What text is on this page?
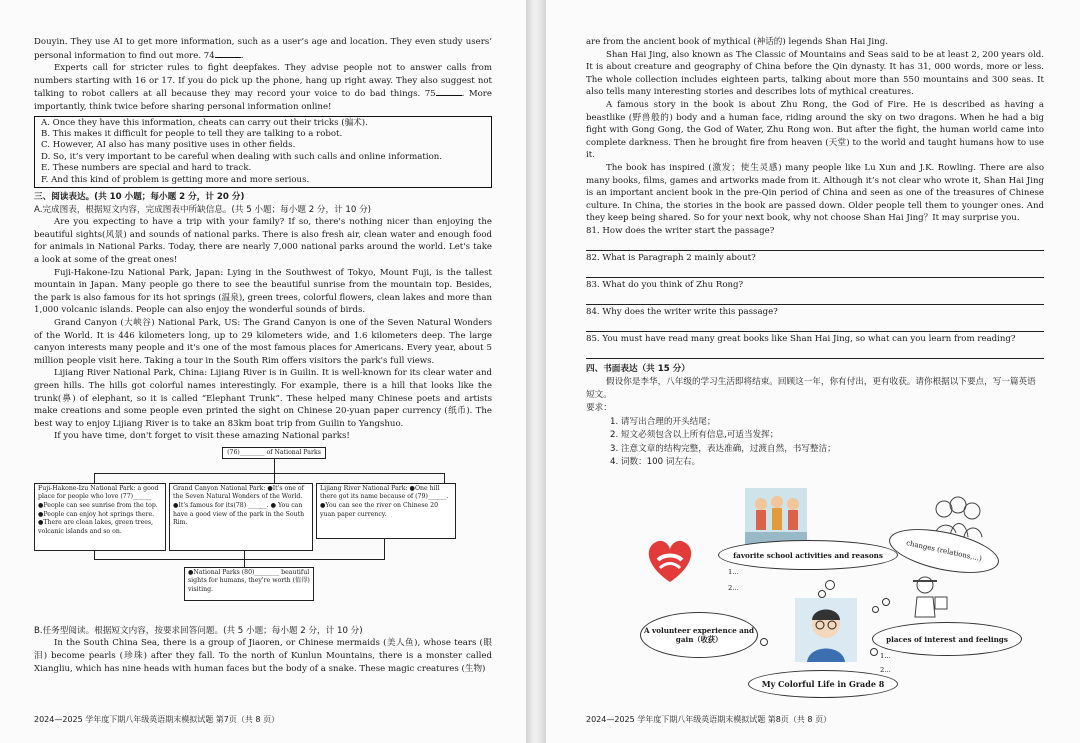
Douyin. They use AI to get more information, such as a user’s age and location. They even study users’ personal information to find out more. 74	.

Experts call for stricter rules to fight deepfakes. They advise people not to answer calls from numbers starting with 16 or 17. If you do pick up the phone, hang up right away. They also suggest not talking to robot callers at all because they may record your voice to do bad things. 75	. More importantly, think twice before sharing personal information online!

A. Once they have this information, cheats can carry out their tricks (骗术).
B. This makes it difficult for people to tell they are talking to a robot.
C. However, AI also has many positive uses in other fields.
D. So, it’s very important to be careful when dealing with such calls and online information.
E. These numbers are special and hard to track.
F. And this kind of problem is getting more and more serious.
三、阅读表达。(共 10 小题；每小题 2 分，计 20 分)
A.完成图表，根据短文内容，完成图表中所缺信息。(共 5 小题；每小题 2 分，计 10 分)

Are you expecting to have a trip with your family? If so, there's nothing nicer than enjoying the beautiful sights(风景) and sounds of national parks. There is also fresh air, clean water and enough food for animals in National Parks. Today, there are nearly 7,000 national parks around the world. Let's take a look at some of the great ones!

Fuji-Hakone-Izu National Park, Japan: Lying in the Southwest of Tokyo, Mount Fuji, is the tallest mountain in Japan. Many people go there to see the beautiful sunrise from the mountain top. Besides, the park is also famous for its hot springs (温泉), green trees, colorful flowers, clean lakes and more than 1,000 volcanic islands. People can also enjoy the wonderful sounds of birds.

Grand Canyon (大峡谷) National Park, US: The Grand Canyon is one of the Seven Natural Wonders of the World. It is 446 kilometers long, up to 29 kilometers wide, and 1.6 kilometers deep. The large canyon interests many people and it's one of the most famous places for Americans. Every year, about 5 million people visit here. Taking a tour in the South Rim offers visitors the park's full views.

Lijiang River National Park, China: Lijiang River is in Guilin. It is well-known for its clear water and green hills. The hills got colorful names interestingly. For example, there is a hill that looks like the trunk(鼻) of elephant, so it is called “Elephant Trunk”. These helped many Chinese poets and artists make creations and some people even printed the sight on Chinese 20-yuan paper currency (纸币). The best way to enjoy Lijiang River is to take an 83km boat trip from Guilin to Yangshuo.

If you have time, don't forget to visit these amazing National parks!

(76)________ of National Parks
Fuji-Hakone-Izu National Park: a good place for people who love (77)______ ●People can see sunrise from the top. ●People can enjoy hot springs there. ●There are clean lakes, green trees, volcanic islands and so on.
Grand Canyon National Park: ●It's one of the Seven Natural Wonders of the World. ●It's famous for its(78) ______. ● You can have a good view of the park in the South Rim.
Lijiang River National Park: ●One hill there got its name because of (79)______. ●You can see the river on Chinese 20 yuan paper currency.
●National Parks (80)________ beautiful sights for humans, they're worth (值得) visiting.
B.任务型阅读。根据短文内容，按要求回答问题。(共 5 小题；每小题 2 分，计 10 分)

In the South China Sea, there is a group of Jiaoren, or Chinese mermaids (美人鱼), whose tears (眼泪) become pearls (珍珠) after they fall. To the north of Kunlun Mountains, there is a monster called Xiangliu, which has nine heads with human faces but the body of a snake. These magic creatures (生物)

2024—2025 学年度下期八年级英语期末模拟试题 第7页（共 8 页）

are from the ancient book of mythical (神话的) legends Shan Hai Jing.

Shan Hai Jing, also known as The Classic of Mountains and Seas said to be at least 2, 200 years old. It is about creature and geography of China before the Qin dynasty. It has 31, 000 words, more or less. The whole collection includes eighteen parts, talking about more than 550 mountains and 300 seas. It also tells many interesting stories and describes lots of mythical creatures.

A famous story in the book is about Zhu Rong, the God of Fire. He is described as having a beastlike (野兽般的) body and a human face, riding around the sky on two dragons. When he had a big fight with Gong Gong, the God of Water, Zhu Rong won. But after the fight, the human world came into complete darkness. Then he brought fire from heaven (天堂) to the world and taught humans how to use it.

The book has inspired (激发；使生灵感) many people like Lu Xun and J.K. Rowling. There are also many books, films, games and artworks made from it. Although it’s not clear who wrote it, Shan Hai Jing is an important ancient book in the pre-Qin period of China and seen as one of the treasures of Chinese culture. In China, the stories in the book are passed down. Older people tell them to younger ones. And they keep being shared. So for your next book, why not choose Shan Hai Jing？It may surprise you.

81. How does the writer start the passage?
82. What is Paragraph 2 mainly about?
83. What do you think of Zhu Rong?
84. Why does the writer write this passage?
85. You must have read many great books like Shan Hai Jing, so what can you learn from reading?
四、书面表达（共 15 分）
假设你是李华，八年级的学习生活即将结束。回顾这一年，你有付出，更有收获。请你根据以下要点，写一篇英语短文。
要求：
1. 请写出合理的开头结尾；
2. 短文必须包含以上所有信息,可适当发挥；
3. 注意文章的结构完整，表达准确，过渡自然，书写整洁；
4. 词数：100 词左右。
2024—2025 学年度下期八年级英语期末模拟试题 第8页（共 8 页）
favorite school activities and reasons
1...
2...
changes (relations,...)
A volunteer experience and gain（收获）	places of interest and feelings
1...
2...
My Colorful Life in Grade 8
